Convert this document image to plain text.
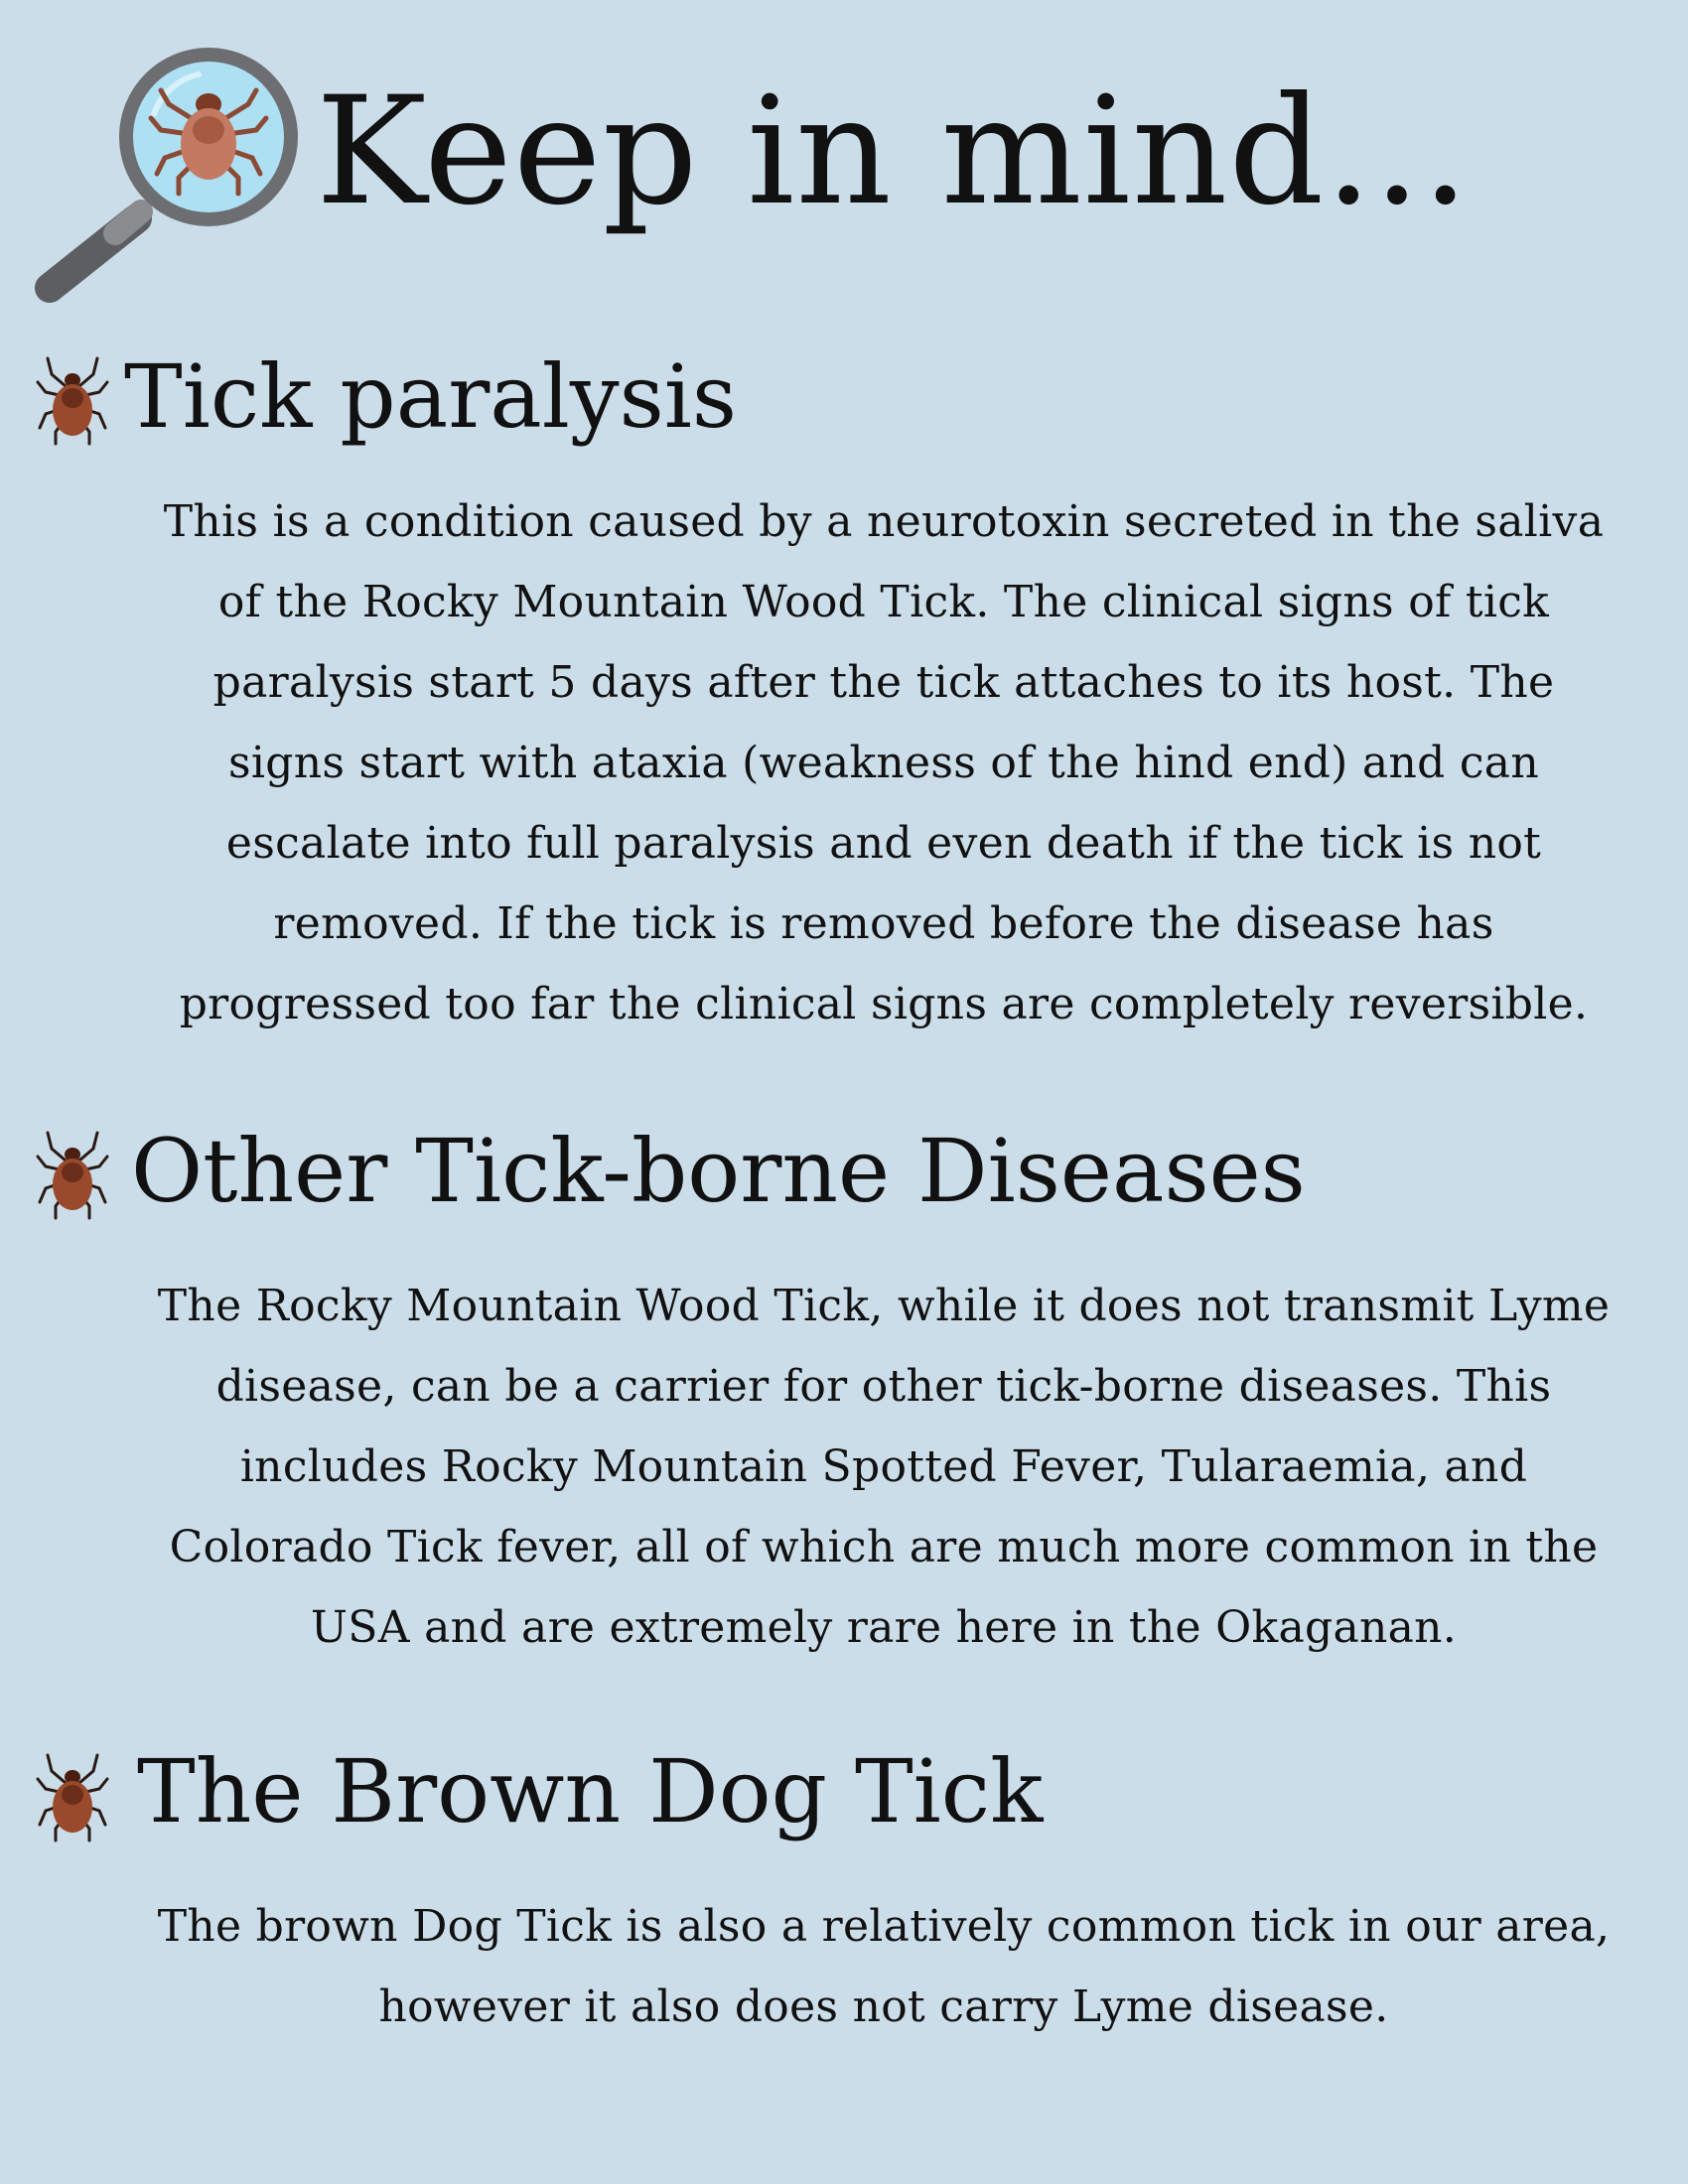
Keep in mind...
Tick paralysis

This is a condition caused by a neurotoxin secreted in the saliva of the Rocky Mountain Wood Tick. The clinical signs of tick paralysis start 5 days after the tick attaches to its host. The signs start with ataxia (weakness of the hind end) and can escalate into full paralysis and even death if the tick is not removed. If the tick is removed before the disease has progressed too far the clinical signs are completely reversible.

Other Tick-borne Diseases

The Rocky Mountain Wood Tick, while it does not transmit Lyme disease, can be a carrier for other tick-borne diseases. This includes Rocky Mountain Spotted Fever, Tularaemia, and Colorado Tick fever, all of which are much more common in the USA and are extremely rare here in the Okaganan.

The Brown Dog Tick

The brown Dog Tick is also a relatively common tick in our area, however it also does not carry Lyme disease.
